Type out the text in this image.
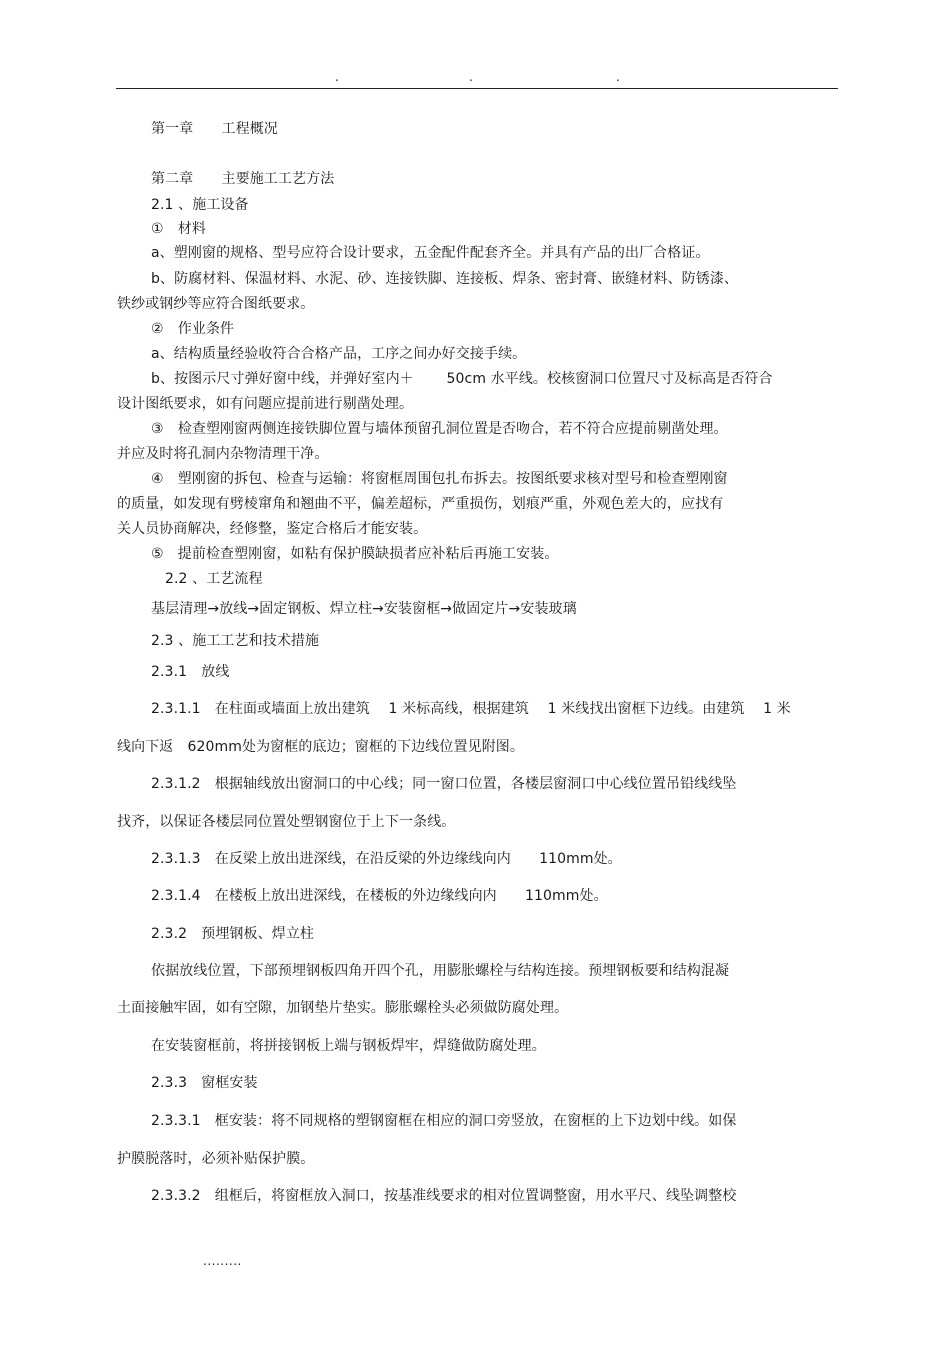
.	.	.
第一章　　工程概况
第二章　　主要施工工艺方法
2.1 、施工设备
①　材料
a、塑刚窗的规格、型号应符合设计要求，五金配件配套齐全。并具有产品的出厂合格证。
b、防腐材料、保温材料、水泥、砂、连接铁脚、连接板、焊条、密封膏、嵌缝材料、防锈漆、
铁纱或钢纱等应符合图纸要求。
②　作业条件
a、结构质量经验收符合合格产品，工序之间办好交接手续。
b、按图示尺寸弹好窗中线，并弹好室内＋　　 50cm 水平线。校核窗洞口位置尺寸及标高是否符合
设计图纸要求，如有问题应提前进行剔凿处理。
③　检查塑刚窗两侧连接铁脚位置与墙体预留孔洞位置是否吻合，若不符合应提前剔凿处理。
并应及时将孔洞内杂物清理干净。
④　塑刚窗的拆包、检查与运输：将窗框周围包扎布拆去。按图纸要求核对型号和检查塑刚窗
的质量，如发现有劈棱窜角和翘曲不平，偏差超标，严重损伤，划痕严重，外观色差大的，应找有
关人员协商解决，经修整，鉴定合格后才能安装。
⑤　提前检查塑刚窗，如粘有保护膜缺损者应补粘后再施工安装。
2.2 、工艺流程
基层清理→放线→固定钢板、焊立柱→安装窗框→做固定片→安装玻璃
2.3 、施工工艺和技术措施
2.3.1　放线
2.3.1.1　在柱面或墙面上放出建筑　 1 米标高线，根据建筑　 1 米线找出窗框下边线。由建筑　 1 米
线向下返　620mm处为窗框的底边；窗框的下边线位置见附图。
2.3.1.2　根据轴线放出窗洞口的中心线；同一窗口位置，各楼层窗洞口中心线位置吊铅线线坠
找齐，以保证各楼层同位置处塑钢窗位于上下一条线。
2.3.1.3　在反梁上放出进深线，在沿反梁的外边缘线向内　　110mm处。
2.3.1.4　在楼板上放出进深线，在楼板的外边缘线向内　　110mm处。
2.3.2　预埋钢板、焊立柱
依据放线位置，下部预埋钢板四角开四个孔，用膨胀螺栓与结构连接。预埋钢板要和结构混凝
土面接触牢固，如有空隙，加钢垫片垫实。膨胀螺栓头必须做防腐处理。
在安装窗框前，将拼接钢板上端与钢板焊牢，焊缝做防腐处理。
2.3.3　窗框安装
2.3.3.1　框安装：将不同规格的塑钢窗框在相应的洞口旁竖放，在窗框的上下边划中线。如保
护膜脱落时，必须补贴保护膜。
2.3.3.2　组框后，将窗框放入洞口，按基准线要求的相对位置调整窗，用水平尺、线坠调整校
.........
